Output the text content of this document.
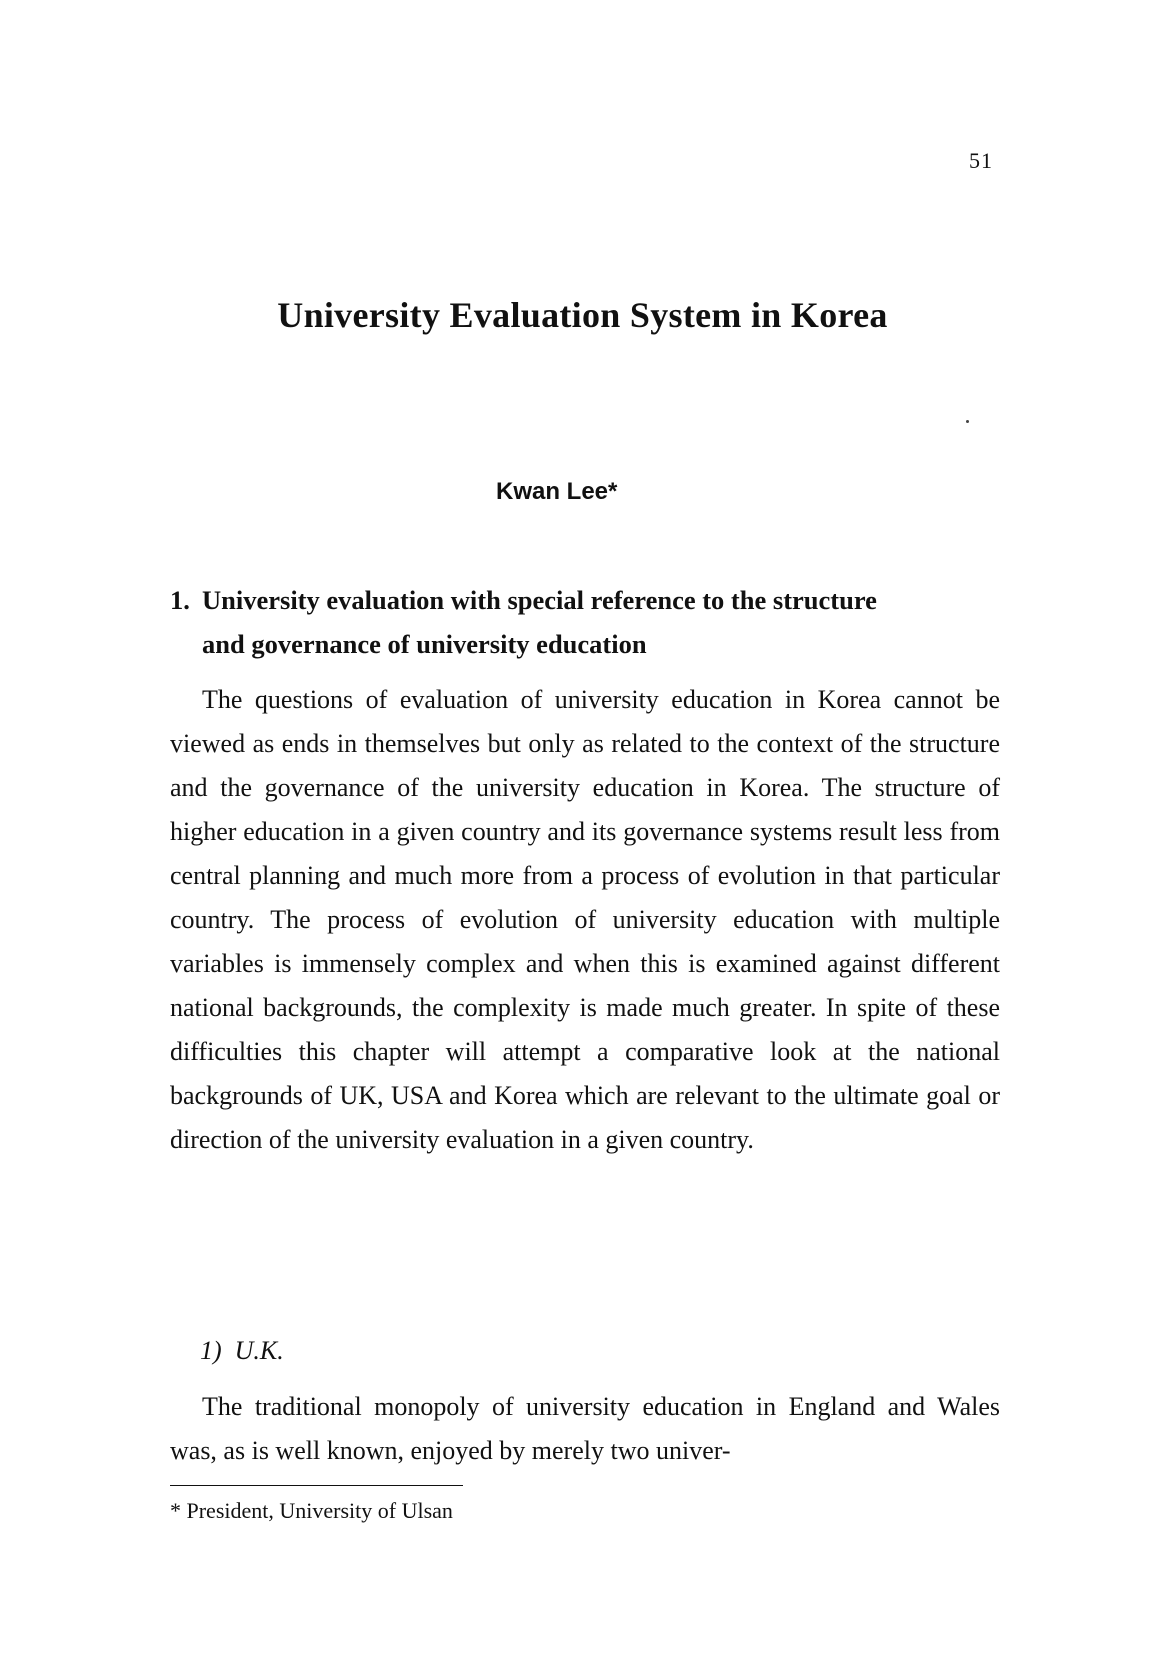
51
University Evaluation System in Korea
Kwan Lee*
1. University evaluation with special reference to the structure
and governance of university education

The questions of evaluation of university education in Korea cannot be viewed as ends in themselves but only as related to the context of the structure and the governance of the university education in Korea. The structure of higher education in a given country and its governance systems result less from central planning and much more from a process of evolution in that particular country. The process of evolution of university education with multiple variables is immensely complex and when this is examined against different national backgrounds, the complexity is made much greater. In spite of these difficulties this chapter will attempt a comparative look at the national backgrounds of UK, USA and Korea which are relevant to the ultimate goal or direction of the university evaluation in a given country.

1)  U.K.

The traditional monopoly of university education in England and Wales was, as is well known, enjoyed by merely two univer-

* President, University of Ulsan
